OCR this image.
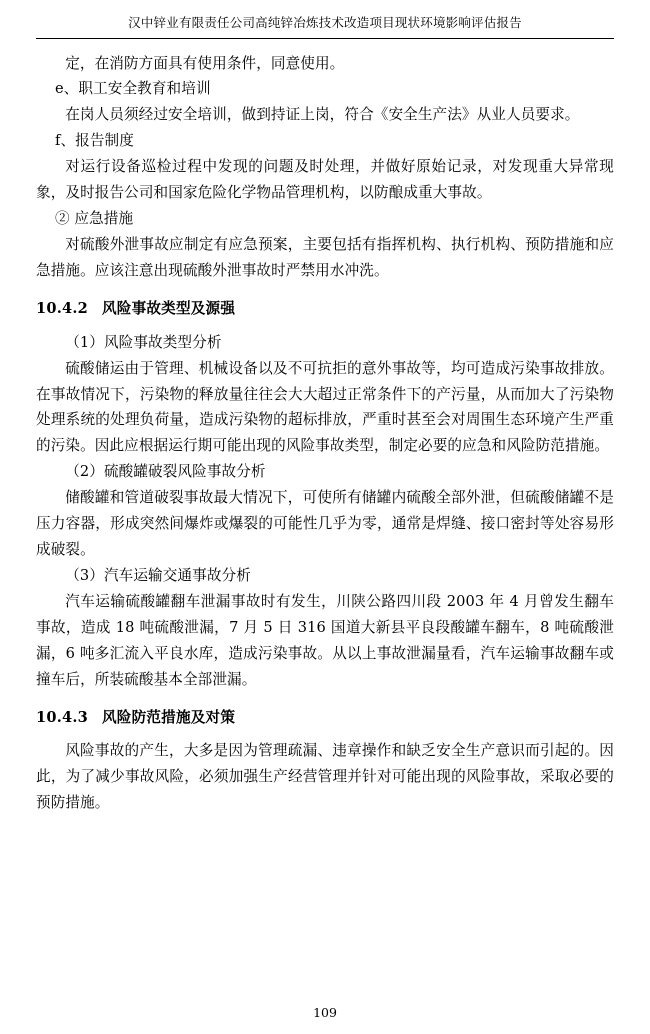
汉中锌业有限责任公司高纯锌冶炼技术改造项目现状环境影响评估报告

定，在消防方面具有使用条件，同意使用。

e、职工安全教育和培训

在岗人员须经过安全培训，做到持证上岗，符合《安全生产法》从业人员要求。

f、报告制度

对运行设备巡检过程中发现的问题及时处理，并做好原始记录，对发现重大异常现象，及时报告公司和国家危险化学物品管理机构，以防酿成重大事故。

② 应急措施

对硫酸外泄事故应制定有应急预案，主要包括有指挥机构、执行机构、预防措施和应急措施。应该注意出现硫酸外泄事故时严禁用水冲洗。

10.4.2 风险事故类型及源强

（1）风险事故类型分析

硫酸储运由于管理、机械设备以及不可抗拒的意外事故等，均可造成污染事故排放。在事故情况下，污染物的释放量往往会大大超过正常条件下的产污量，从而加大了污染物处理系统的处理负荷量，造成污染物的超标排放，严重时甚至会对周围生态环境产生严重的污染。因此应根据运行期可能出现的风险事故类型，制定必要的应急和风险防范措施。

（2）硫酸罐破裂风险事故分析

储酸罐和管道破裂事故最大情况下，可使所有储罐内硫酸全部外泄，但硫酸储罐不是压力容器，形成突然间爆炸或爆裂的可能性几乎为零，通常是焊缝、接口密封等处容易形成破裂。

（3）汽车运输交通事故分析

汽车运输硫酸罐翻车泄漏事故时有发生，川陕公路四川段 2003 年 4 月曾发生翻车事故，造成 18 吨硫酸泄漏，7 月 5 日 316 国道大新县平良段酸罐车翻车，8 吨硫酸泄漏，6 吨多汇流入平良水库，造成污染事故。从以上事故泄漏量看，汽车运输事故翻车或撞车后，所装硫酸基本全部泄漏。

10.4.3 风险防范措施及对策

风险事故的产生，大多是因为管理疏漏、违章操作和缺乏安全生产意识而引起的。因此，为了减少事故风险，必须加强生产经营管理并针对可能出现的风险事故，采取必要的预防措施。

109
